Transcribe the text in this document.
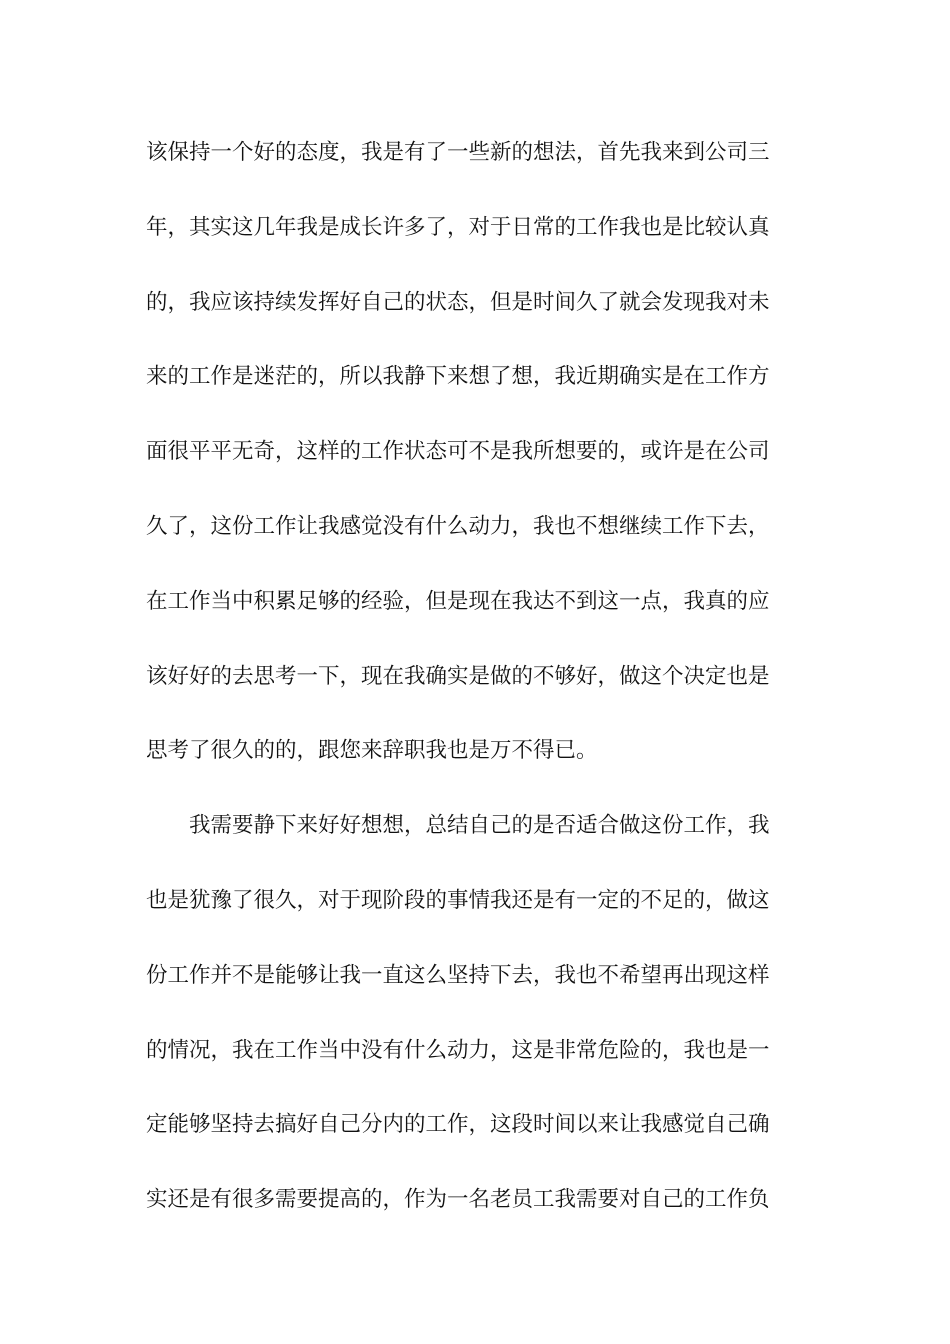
该保持一个好的态度，我是有了一些新的想法，首先我来到公司三
年，其实这几年我是成长许多了，对于日常的工作我也是比较认真
的，我应该持续发挥好自己的状态，但是时间久了就会发现我对未
来的工作是迷茫的，所以我静下来想了想，我近期确实是在工作方
面很平平无奇，这样的工作状态可不是我所想要的，或许是在公司
久了，这份工作让我感觉没有什么动力，我也不想继续工作下去，
在工作当中积累足够的经验，但是现在我达不到这一点，我真的应
该好好的去思考一下，现在我确实是做的不够好，做这个决定也是
思考了很久的的，跟您来辞职我也是万不得已。
我需要静下来好好想想，总结自己的是否适合做这份工作，我
也是犹豫了很久，对于现阶段的事情我还是有一定的不足的，做这
份工作并不是能够让我一直这么坚持下去，我也不希望再出现这样
的情况，我在工作当中没有什么动力，这是非常危险的，我也是一
定能够坚持去搞好自己分内的工作，这段时间以来让我感觉自己确
实还是有很多需要提高的，作为一名老员工我需要对自己的工作负
